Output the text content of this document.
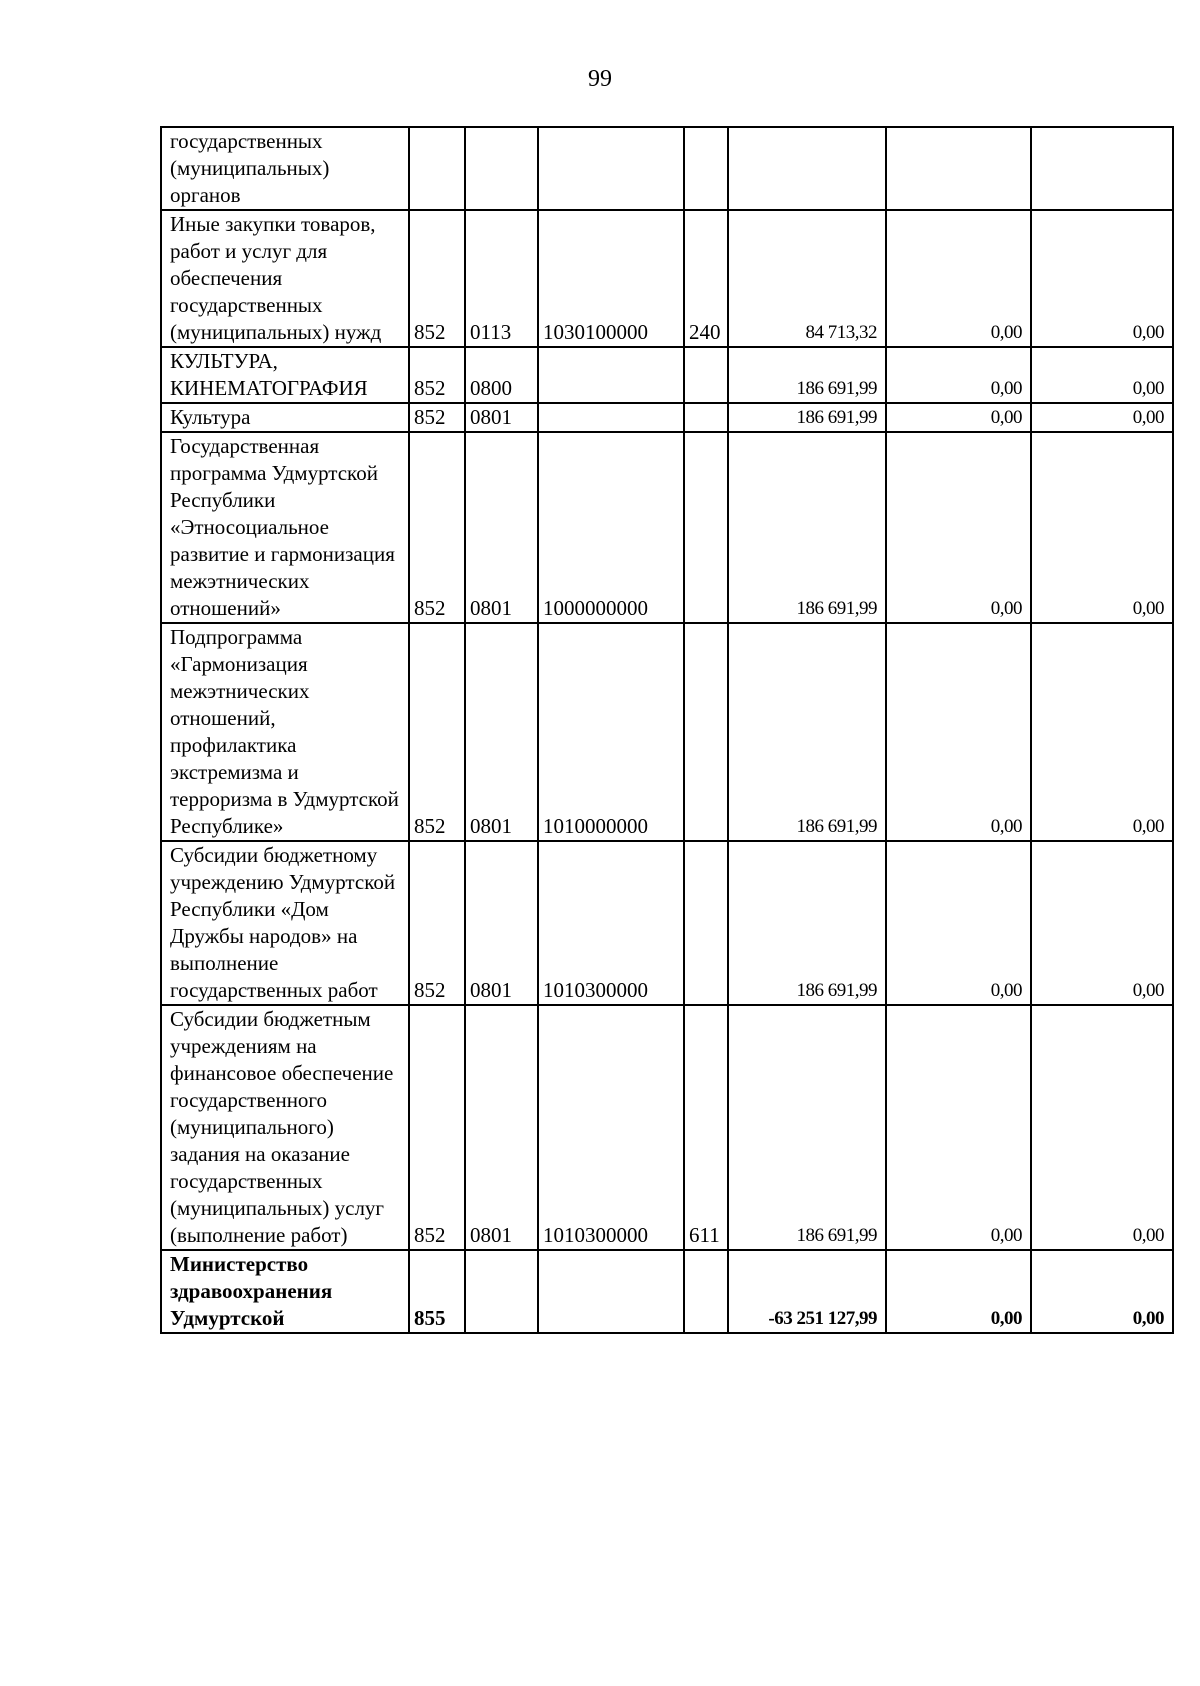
99
государственных (муниципальных) органов							
Иные закупки товаров, работ и услуг для обеспечения государственных (муниципальных) нужд	852	0113	1030100000	240	84 713,32	0,00	0,00
КУЛЬТУРА, КИНЕМАТОГРАФИЯ	852	0800			186 691,99	0,00	0,00
Культура	852	0801			186 691,99	0,00	0,00
Государственная программа Удмуртской Республики «Этносоциальное развитие и гармонизация межэтнических отношений»	852	0801	1000000000		186 691,99	0,00	0,00
Подпрограмма «Гармонизация межэтнических отношений, профилактика экстремизма и терроризма в Удмуртской Республике»	852	0801	1010000000		186 691,99	0,00	0,00
Субсидии бюджетному учреждению Удмуртской Республики «Дом Дружбы народов» на выполнение государственных работ	852	0801	1010300000		186 691,99	0,00	0,00
Субсидии бюджетным учреждениям на финансовое обеспечение государственного (муниципального) задания на оказание государственных (муниципальных) услуг (выполнение работ)	852	0801	1010300000	611	186 691,99	0,00	0,00
Министерство здравоохранения Удмуртской	855				-63 251 127,99	0,00	0,00
